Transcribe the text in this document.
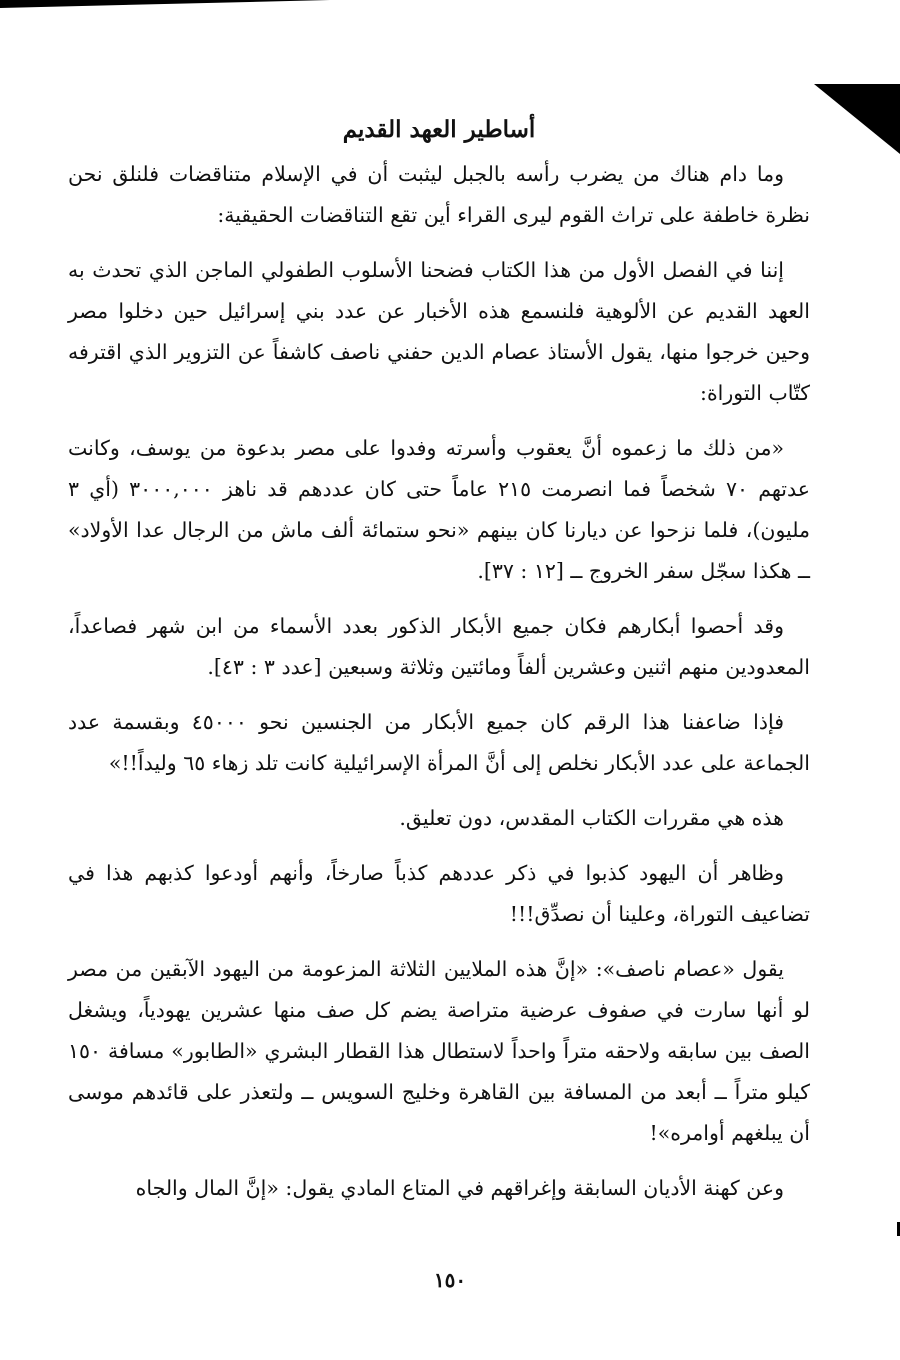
أساطير العهد القديم

وما دام هناك من يضرب رأسه بالجبل ليثبت أن في الإسلام متناقضات فلنلق نحن نظرة خاطفة على تراث القوم ليرى القراء أين تقع التناقضات الحقيقية:

إننا في الفصل الأول من هذا الكتاب فضحنا الأسلوب الطفولي الماجن الذي تحدث به العهد القديم عن الألوهية فلنسمع هذه الأخبار عن عدد بني إسرائيل حين دخلوا مصر وحين خرجوا منها، يقول الأستاذ عصام الدين حفني ناصف كاشفاً عن التزوير الذي اقترفه كتّاب التوراة:

«من ذلك ما زعموه أنَّ يعقوب وأسرته وفدوا على مصر بدعوة من يوسف، وكانت عدتهم ٧٠ شخصاً فما انصرمت ٢١٥ عاماً حتى كان عددهم قد ناهز ٣٠٠٠,٠٠٠ (أي ٣ مليون)، فلما نزحوا عن ديارنا كان بينهم «نحو ستمائة ألف ماش من الرجال عدا الأولاد» ــ هكذا سجّل سفر الخروج ــ [١٢ : ٣٧].

وقد أحصوا أبكارهم فكان جميع الأبكار الذكور بعدد الأسماء من ابن شهر فصاعداً، المعدودين منهم اثنين وعشرين ألفاً ومائتين وثلاثة وسبعين [عدد ٣ : ٤٣].

فإذا ضاعفنا هذا الرقم كان جميع الأبكار من الجنسين نحو ٤٥٠٠٠ وبقسمة عدد الجماعة على عدد الأبكار نخلص إلى أنَّ المرأة الإسرائيلية كانت تلد زهاء ٦٥ وليداً!!»

هذه هي مقررات الكتاب المقدس، دون تعليق.

وظاهر أن اليهود كذبوا في ذكر عددهم كذباً صارخاً، وأنهم أودعوا كذبهم هذا في تضاعيف التوراة، وعلينا أن نصدِّق!!!

يقول «عصام ناصف»: «إنَّ هذه الملايين الثلاثة المزعومة من اليهود الآبقين من مصر لو أنها سارت في صفوف عرضية متراصة يضم كل صف منها عشرين يهودياً، ويشغل الصف بين سابقه ولاحقه متراً واحداً لاستطال هذا القطار البشري «الطابور» مسافة ١٥٠ كيلو متراً ــ أبعد من المسافة بين القاهرة وخليج السويس ــ ولتعذر على قائدهم موسى أن يبلغهم أوامره»!

وعن كهنة الأديان السابقة وإغراقهم في المتاع المادي يقول: «إنَّ المال والجاه

١٥٠
